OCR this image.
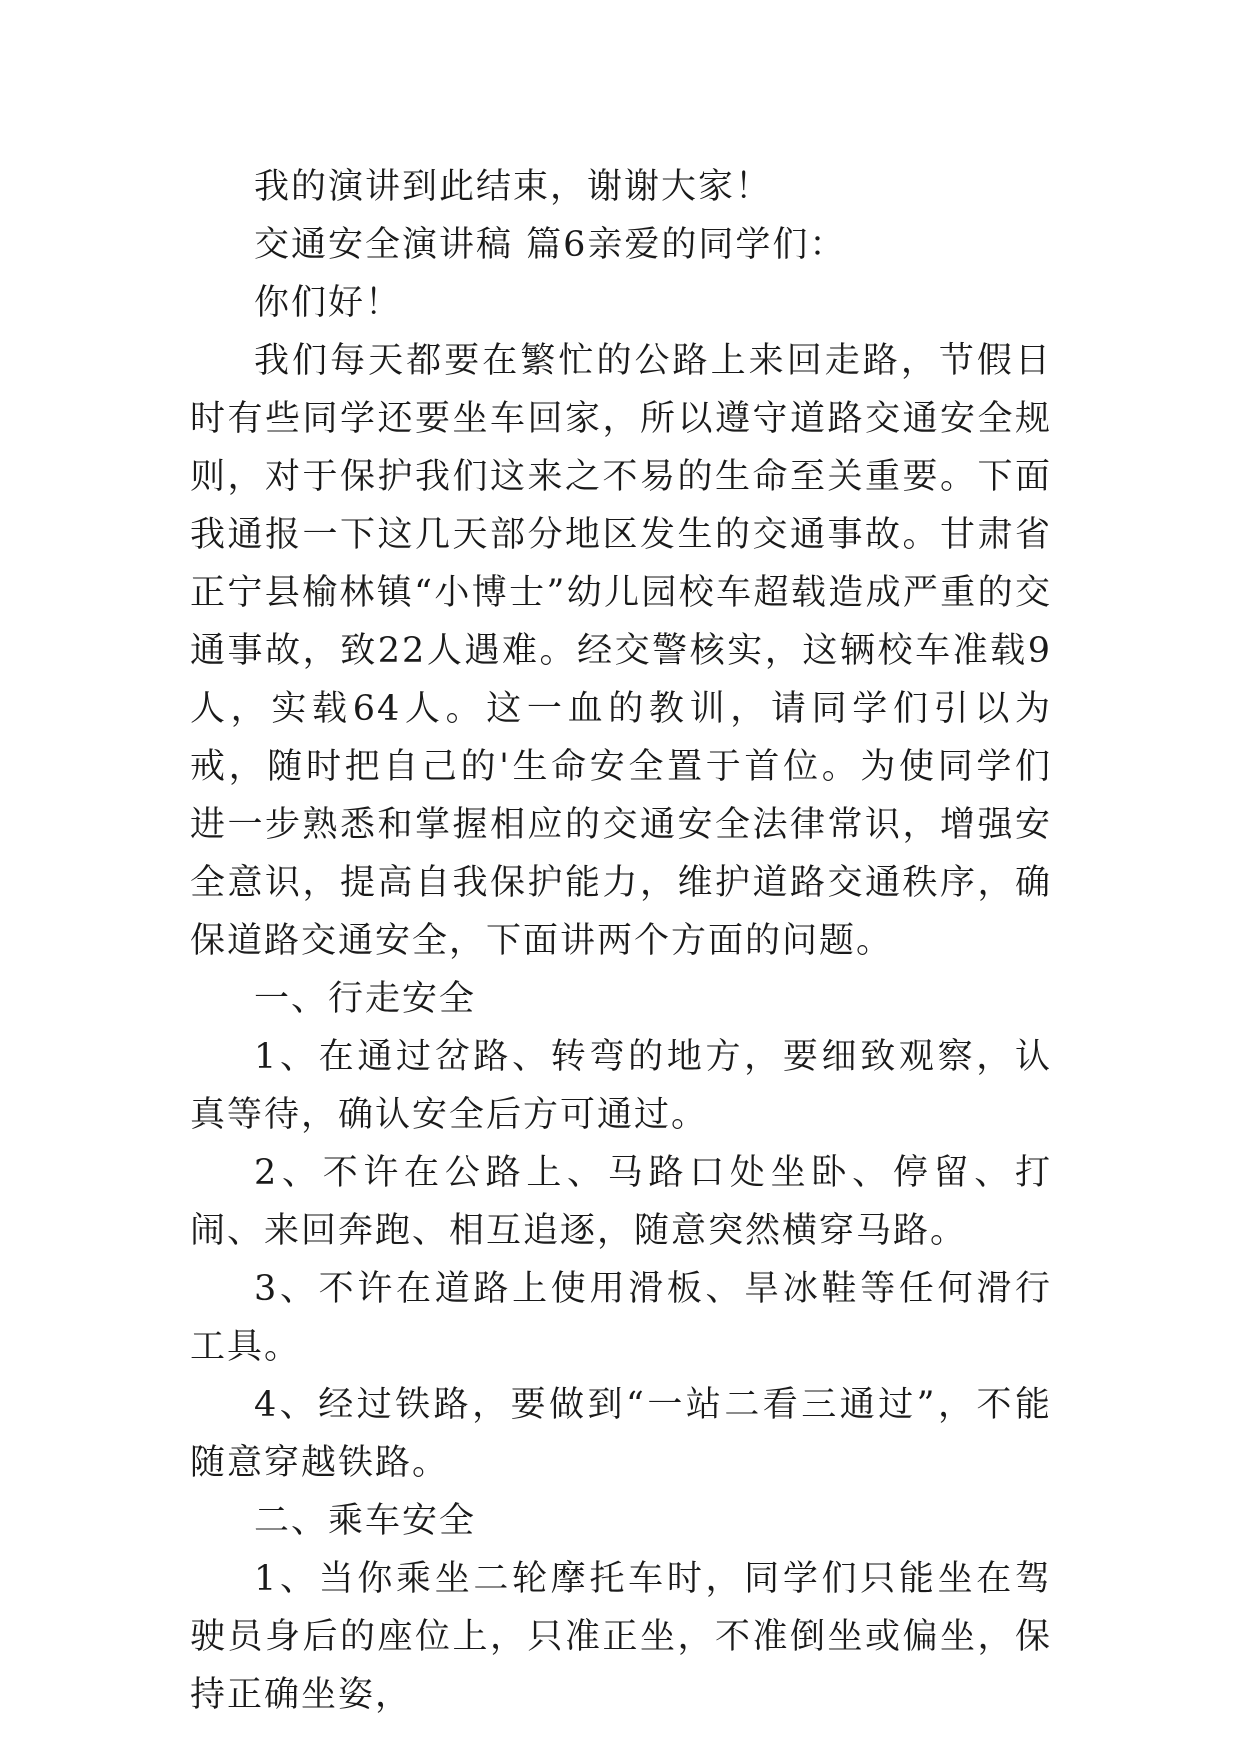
我的演讲到此结束，谢谢大家！

交通安全演讲稿 篇6亲爱的同学们：

你们好！

我们每天都要在繁忙的公路上来回走路，节假日时有些同学还要坐车回家，所以遵守道路交通安全规则，对于保护我们这来之不易的生命至关重要。下面我通报一下这几天部分地区发生的交通事故。甘肃省正宁县榆林镇“小博士”幼儿园校车超载造成严重的交通事故，致22人遇难。经交警核实，这辆校车准载9人，实载64人。这一血的教训，请同学们引以为戒，随时把自己的'生命安全置于首位。为使同学们进一步熟悉和掌握相应的交通安全法律常识，增强安全意识，提高自我保护能力，维护道路交通秩序，确保道路交通安全，下面讲两个方面的问题。

一、行走安全

1、在通过岔路、转弯的地方，要细致观察，认真等待，确认安全后方可通过。

2、不许在公路上、马路口处坐卧、停留、打闹、来回奔跑、相互追逐，随意突然横穿马路。

3、不许在道路上使用滑板、旱冰鞋等任何滑行工具。

4、经过铁路，要做到“一站二看三通过”，不能随意穿越铁路。

二、乘车安全

1、当你乘坐二轮摩托车时，同学们只能坐在驾驶员身后的座位上，只准正坐，不准倒坐或偏坐，保持正确坐姿，
